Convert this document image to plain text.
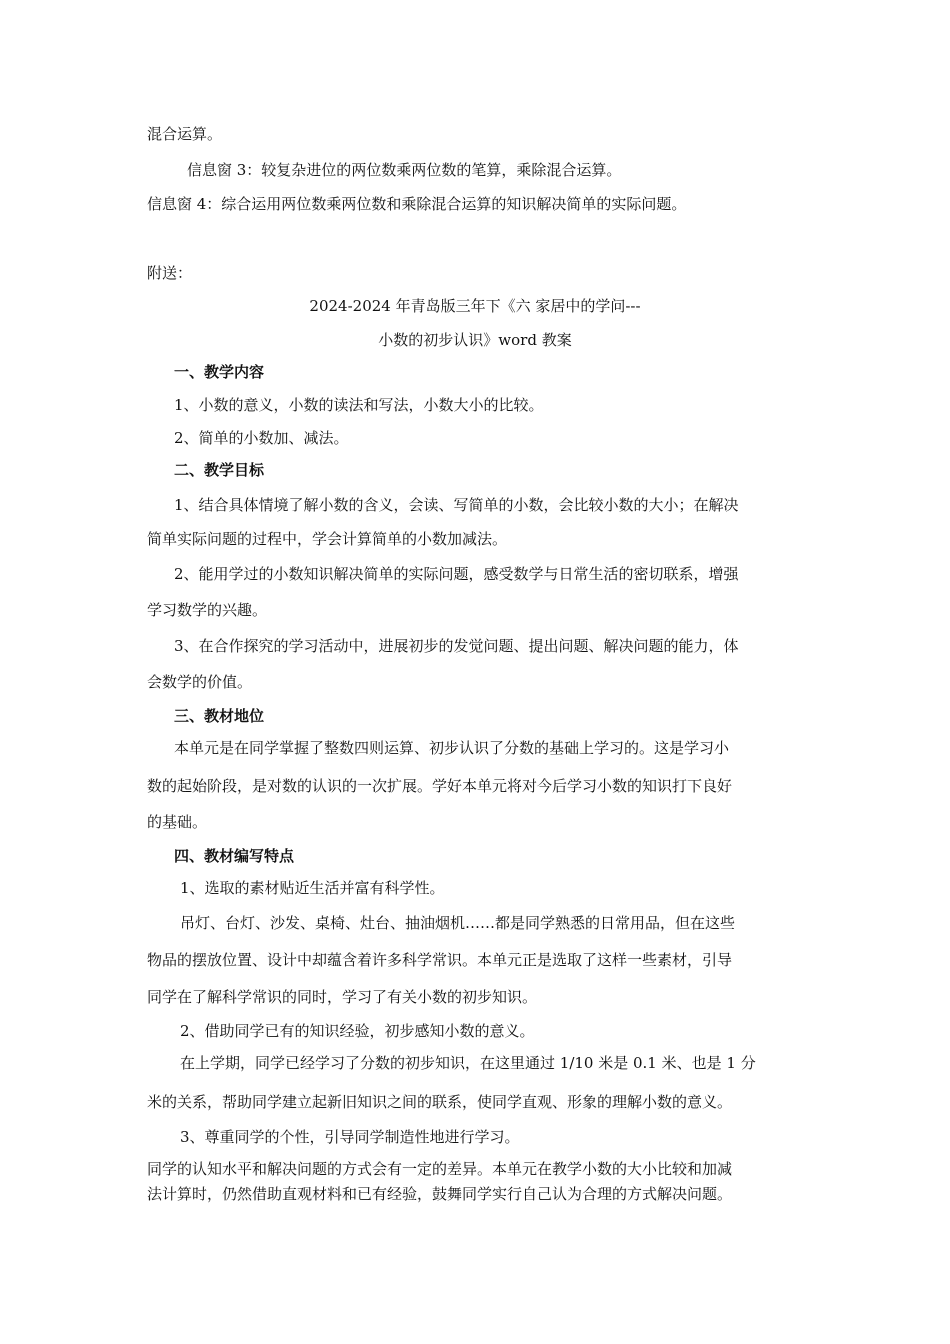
混合运算。
信息窗 3：较复杂进位的两位数乘两位数的笔算，乘除混合运算。
信息窗 4：综合运用两位数乘两位数和乘除混合运算的知识解决简单的实际问题。
附送：
2024-2024 年青岛版三年下《六 家居中的学问---
小数的初步认识》word 教案
一、教学内容
1、小数的意义，小数的读法和写法，小数大小的比较。
2、简单的小数加、减法。
二、教学目标
1、结合具体情境了解小数的含义，会读、写简单的小数，会比较小数的大小；在解决
简单实际问题的过程中，学会计算简单的小数加减法。
2、能用学过的小数知识解决简单的实际问题，感受数学与日常生活的密切联系，增强
学习数学的兴趣。
3、在合作探究的学习活动中，进展初步的发觉问题、提出问题、解决问题的能力，体
会数学的价值。
三、教材地位
本单元是在同学掌握了整数四则运算、初步认识了分数的基础上学习的。这是学习小
数的起始阶段，是对数的认识的一次扩展。学好本单元将对今后学习小数的知识打下良好
的基础。
四、教材编写特点
1、选取的素材贴近生活并富有科学性。
吊灯、台灯、沙发、桌椅、灶台、抽油烟机……都是同学熟悉的日常用品，但在这些
物品的摆放位置、设计中却蕴含着许多科学常识。本单元正是选取了这样一些素材，引导
同学在了解科学常识的同时，学习了有关小数的初步知识。
2、借助同学已有的知识经验，初步感知小数的意义。
在上学期，同学已经学习了分数的初步知识，在这里通过 1/10 米是 0.1 米、也是 1 分
米的关系，帮助同学建立起新旧知识之间的联系，使同学直观、形象的理解小数的意义。
3、尊重同学的个性，引导同学制造性地进行学习。
同学的认知水平和解决问题的方式会有一定的差异。本单元在教学小数的大小比较和加减
法计算时，仍然借助直观材料和已有经验，鼓舞同学实行自己认为合理的方式解决问题。
